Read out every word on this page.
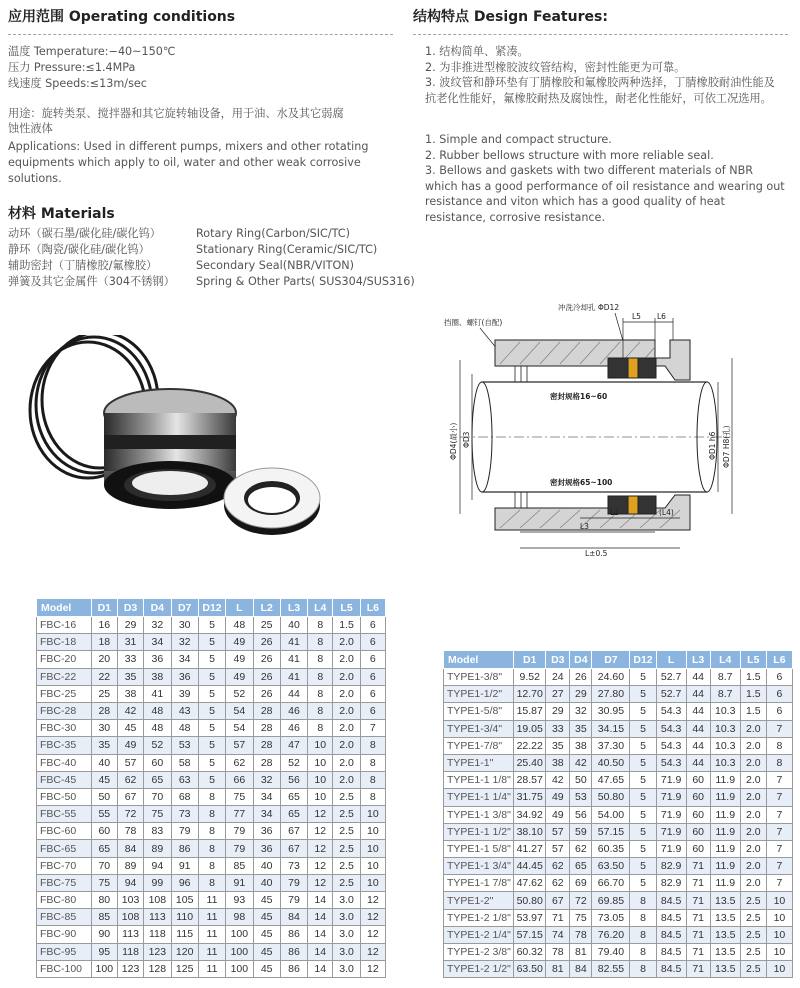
应用范围 Operating conditions
温度 Temperature:−40~150℃
压力 Pressure:≤1.4MPa
线速度 Speeds:≤13m/sec
用途：旋转类泵、搅拌器和其它旋转轴设备，用于油、水及其它弱腐
蚀性液体
Applications: Used in different pumps, mixers and other rotating
equipments which apply to oil, water and other weak corrosive
solutions.
材料 Materials
动环（碳石墨/碳化硅/碳化钨）	Rotary Ring(Carbon/SIC/TC)
静环（陶瓷/碳化硅/碳化钨）	Stationary Ring(Ceramic/SIC/TC)
辅助密封（丁腈橡胶/氟橡胶）	Secondary Seal(NBR/VITON)
弹簧及其它金属件（304不锈钢） Spring & Other Parts( SUS304/SUS316)
结构特点 Design Features:
1. 结构简单、紧凑。
2. 为非推进型橡胶波纹管结构，密封性能更为可靠。
3. 波纹管和静环垫有丁腈橡胶和氟橡胶两种选择，丁腈橡胶耐油性能及抗老化性能好，氟橡胶耐热及腐蚀性，耐老化性能好，可依工况选用。
1. Simple and compact structure.
2. Rubber bellows structure with more reliable seal.
3. Bellows and gaskets with two different materials of NBR which has a good performance of oil resistance and wearing out resistance and viton which has a good quality of heat resistance, corrosive resistance.
挡圈、螺钉(自配)
冲洗冷却孔 ΦD12
密封规格16~60
密封规格65~100
L5 L6
L2	(L4)
L3
L±0.5
ΦD4(最小) ΦD3	ΦD1 h6 ΦD7 H8(孔)
Model	D1	D3	D4	D7	D12	L	L2	L3	L4	L5	L6
FBC-16	16	29	32	30	5	48	25	40	8	1.5	6
FBC-18	18	31	34	32	5	49	26	41	8	2.0	6
FBC-20	20	33	36	34	5	49	26	41	8	2.0	6
FBC-22	22	35	38	36	5	49	26	41	8	2.0	6
FBC-25	25	38	41	39	5	52	26	44	8	2.0	6
FBC-28	28	42	48	43	5	54	28	46	8	2.0	6
FBC-30	30	45	48	48	5	54	28	46	8	2.0	7
FBC-35	35	49	52	53	5	57	28	47	10	2.0	8
FBC-40	40	57	60	58	5	62	28	52	10	2.0	8
FBC-45	45	62	65	63	5	66	32	56	10	2.0	8
FBC-50	50	67	70	68	8	75	34	65	10	2.5	8
FBC-55	55	72	75	73	8	77	34	65	12	2.5	10
FBC-60	60	78	83	79	8	79	36	67	12	2.5	10
FBC-65	65	84	89	86	8	79	36	67	12	2.5	10
FBC-70	70	89	94	91	8	85	40	73	12	2.5	10
FBC-75	75	94	99	96	8	91	40	79	12	2.5	10
FBC-80	80	103	108	105	11	93	45	79	14	3.0	12
FBC-85	85	108	113	110	11	98	45	84	14	3.0	12
FBC-90	90	113	118	115	11	100	45	86	14	3.0	12
FBC-95	95	118	123	120	11	100	45	86	14	3.0	12
FBC-100	100	123	128	125	11	100	45	86	14	3.0	12
Model	D1	D3	D4	D7	D12	L	L3	L4	L5	L6
TYPE1-3/8"	9.52	24	26	24.60	5	52.7	44	8.7	1.5	6
TYPE1-1/2"	12.70	27	29	27.80	5	52.7	44	8.7	1.5	6
TYPE1-5/8"	15.87	29	32	30.95	5	54.3	44	10.3	1.5	6
TYPE1-3/4"	19.05	33	35	34.15	5	54.3	44	10.3	2.0	7
TYPE1-7/8"	22.22	35	38	37.30	5	54.3	44	10.3	2.0	8
TYPE1-1"	25.40	38	42	40.50	5	54.3	44	10.3	2.0	8
TYPE1-1 1/8"	28.57	42	50	47.65	5	71.9	60	11.9	2.0	7
TYPE1-1 1/4"	31.75	49	53	50.80	5	71.9	60	11.9	2.0	7
TYPE1-1 3/8"	34.92	49	56	54.00	5	71.9	60	11.9	2.0	7
TYPE1-1 1/2"	38.10	57	59	57.15	5	71.9	60	11.9	2.0	7
TYPE1-1 5/8"	41.27	57	62	60.35	5	71.9	60	11.9	2.0	7
TYPE1-1 3/4"	44.45	62	65	63.50	5	82.9	71	11.9	2.0	7
TYPE1-1 7/8"	47.62	62	69	66.70	5	82.9	71	11.9	2.0	7
TYPE1-2"	50.80	67	72	69.85	8	84.5	71	13.5	2.5	10
TYPE1-2 1/8"	53.97	71	75	73.05	8	84.5	71	13.5	2.5	10
TYPE1-2 1/4"	57.15	74	78	76.20	8	84.5	71	13.5	2.5	10
TYPE1-2 3/8"	60.32	78	81	79.40	8	84.5	71	13.5	2.5	10
TYPE1-2 1/2"	63.50	81	84	82.55	8	84.5	71	13.5	2.5	10
